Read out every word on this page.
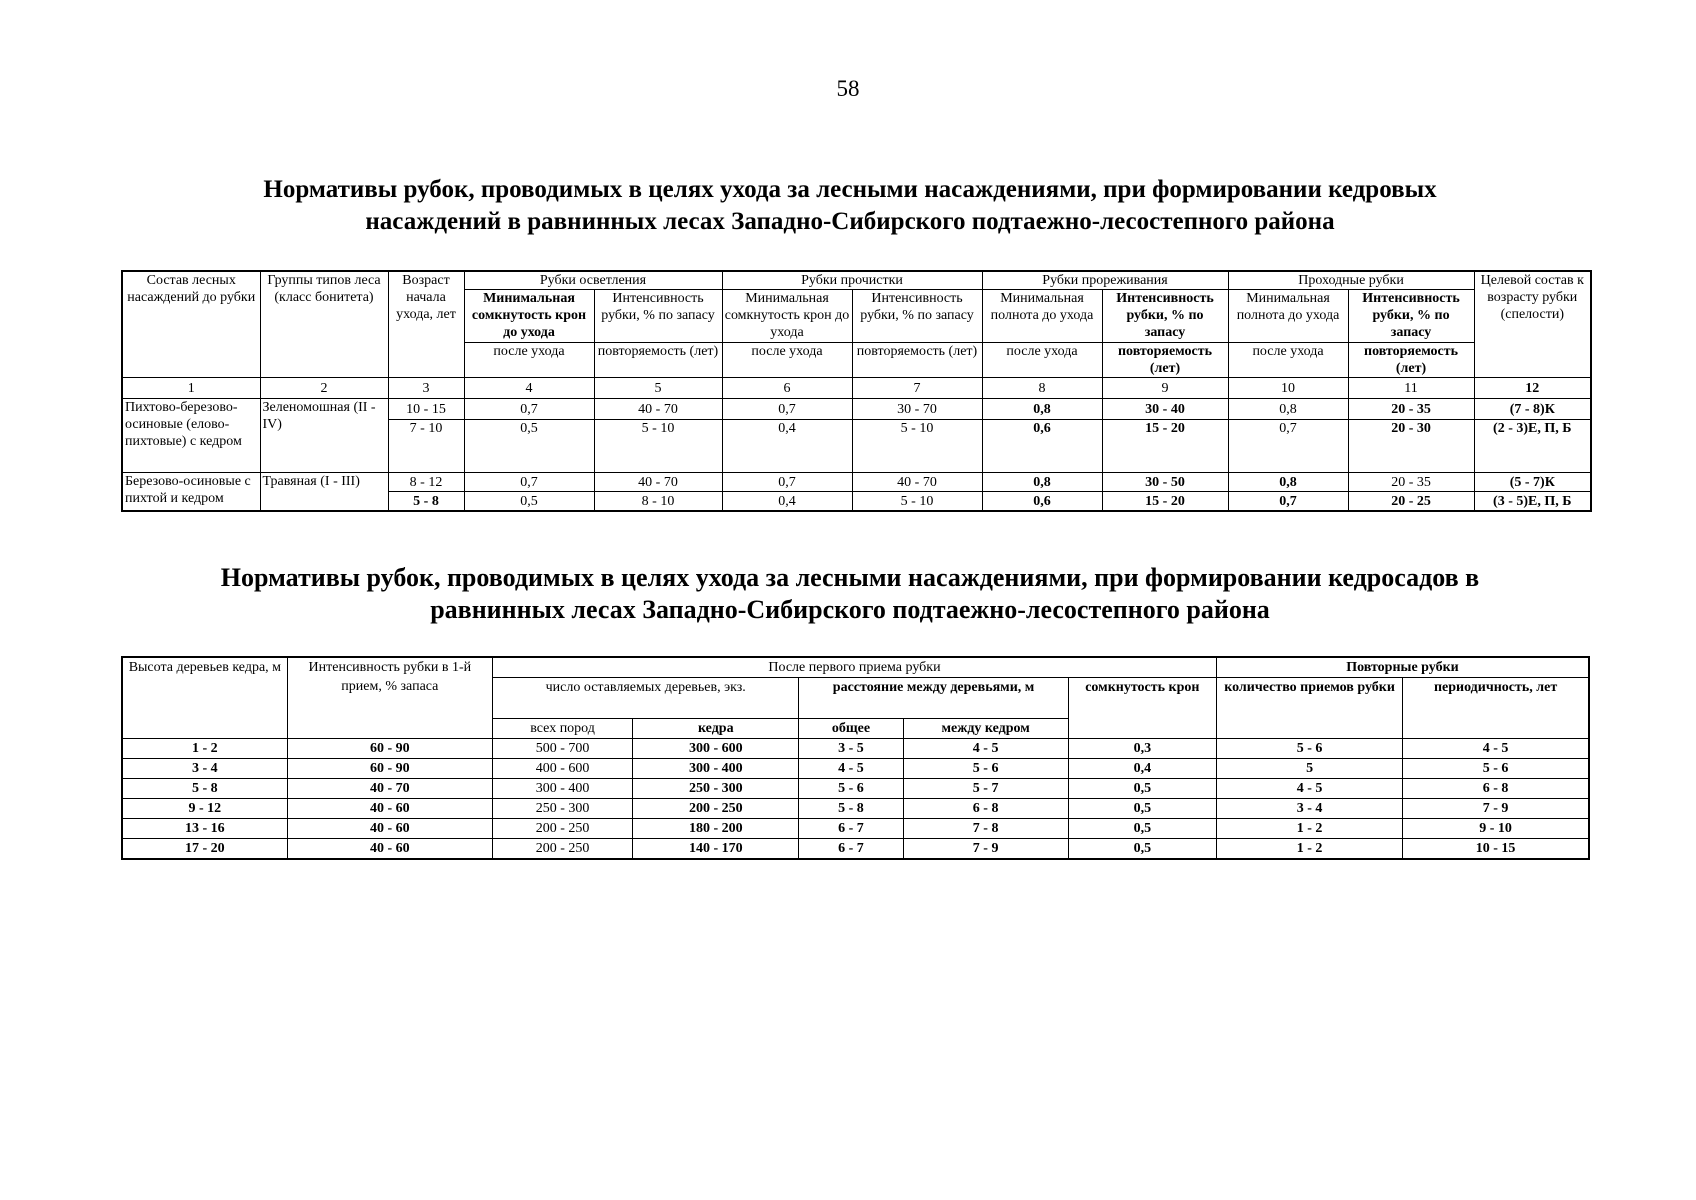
58
Нормативы рубок, проводимых в целях ухода за лесными насаждениями, при формировании кедровых
насаждений в равнинных лесах Западно-Сибирского подтаежно-лесостепного района
Состав лесных насаждений до рубки	Группы типов леса (класс бонитета)	Возраст начала ухода, лет	Рубки осветления		Рубки прочистки		Рубки прореживания		Проходные рубки		Целевой состав к возрасту рубки (спелости)
			Минимальная сомкнутость крон до ухода	Интенсивность рубки, % по запасу	Минимальная сомкнутость крон до ухода	Интенсивность рубки, % по запасу	Минимальная полнота до ухода	Интенсивность рубки, % по запасу	Минимальная полнота до ухода	Интенсивность рубки, % по запасу	
			после ухода	повторяемость (лет)	после ухода	повторяемость (лет)	после ухода	повторяемость (лет)	после ухода	повторяемость (лет)	
1	2	3	4	5	6	7	8	9	10	11	12
Пихтово-березово-осиновые (елово-пихтовые) с кедром	Зеленомошная (II - IV)	10 - 15	0,7	40 - 70	0,7	30 - 70	0,8	30 - 40	0,8	20 - 35	(7 - 8)К
		7 - 10	0,5	5 - 10	0,4	5 - 10	0,6	15 - 20	0,7	20 - 30	(2 - 3)Е, П, Б
Березово-осиновые с пихтой и кедром	Травяная (I - III)	8 - 12	0,7	40 - 70	0,7	40 - 70	0,8	30 - 50	0,8	20 - 35	(5 - 7)К
		5 - 8	0,5	8 - 10	0,4	5 - 10	0,6	15 - 20	0,7	20 - 25	(3 - 5)Е, П, Б
Нормативы рубок, проводимых в целях ухода за лесными насаждениями, при формировании кедросадов в
равнинных лесах Западно-Сибирского подтаежно-лесостепного района
Высота деревьев кедра, м	Интенсивность рубки в 1-й прием, % запаса	После первого приема рубки					Повторные рубки	
		число оставляемых деревьев, экз.		расстояние между деревьями, м		сомкнутость крон	количество приемов рубки	периодичность, лет
		всех пород	кедра	общее	между кедром			
1 - 2	60 - 90	500 - 700	300 - 600	3 - 5	4 - 5	0,3	5 - 6	4 - 5
3 - 4	60 - 90	400 - 600	300 - 400	4 - 5	5 - 6	0,4	5	5 - 6
5 - 8	40 - 70	300 - 400	250 - 300	5 - 6	5 - 7	0,5	4 - 5	6 - 8
9 - 12	40 - 60	250 - 300	200 - 250	5 - 8	6 - 8	0,5	3 - 4	7 - 9
13 - 16	40 - 60	200 - 250	180 - 200	6 - 7	7 - 8	0,5	1 - 2	9 - 10
17 - 20	40 - 60	200 - 250	140 - 170	6 - 7	7 - 9	0,5	1 - 2	10 - 15
